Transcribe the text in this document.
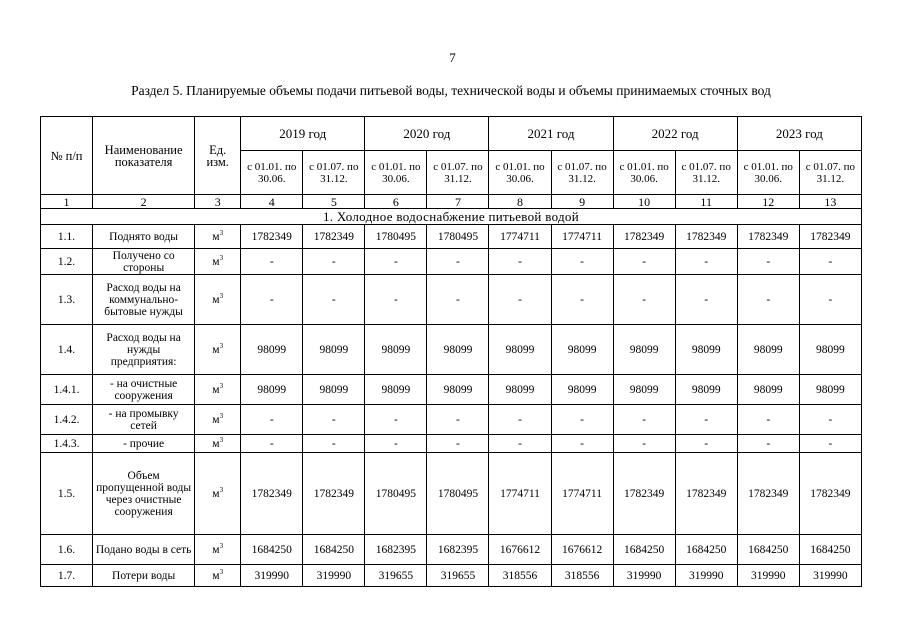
7
Раздел 5. Планируемые объемы подачи питьевой воды, технической воды и объемы принимаемых сточных вод
№ п/п	Наименование показателя	Ед. изм.	2019 год		2020 год		2021 год		2022 год		2023 год	
			с 01.01. по 30.06.	с 01.07. по 31.12.	с 01.01. по 30.06.	с 01.07. по 31.12.	с 01.01. по 30.06.	с 01.07. по 31.12.	с 01.01. по 30.06.	с 01.07. по 31.12.	с 01.01. по 30.06.	с 01.07. по 31.12.
1	2	3	4	5	6	7	8	9	10	11	12	13
1. Холодное водоснабжение питьевой водой												
1.1.	Поднято воды	$м^3$	1782349	1782349	1780495	1780495	1774711	1774711	1782349	1782349	1782349	1782349
1.2.	Получено со стороны	$м^3$	-	-	-	-	-	-	-	-	-	-
1.3.	Расход воды на коммунально-бытовые нужды	$м^3$	-	-	-	-	-	-	-	-	-	-
1.4.	Расход воды на нужды предприятия:	$м^3$	98099	98099	98099	98099	98099	98099	98099	98099	98099	98099
1.4.1.	- на очистные сооружения	$м^3$	98099	98099	98099	98099	98099	98099	98099	98099	98099	98099
1.4.2.	- на промывку сетей	$м^3$	-	-	-	-	-	-	-	-	-	-
1.4.3.	- прочие	$м^3$	-	-	-	-	-	-	-	-	-	-
1.5.	Объем пропущенной воды через очистные сооружения	$м^3$	1782349	1782349	1780495	1780495	1774711	1774711	1782349	1782349	1782349	1782349
1.6.	Подано воды в сеть	$м^3$	1684250	1684250	1682395	1682395	1676612	1676612	1684250	1684250	1684250	1684250
1.7.	Потери воды	$м^3$	319990	319990	319655	319655	318556	318556	319990	319990	319990	319990
